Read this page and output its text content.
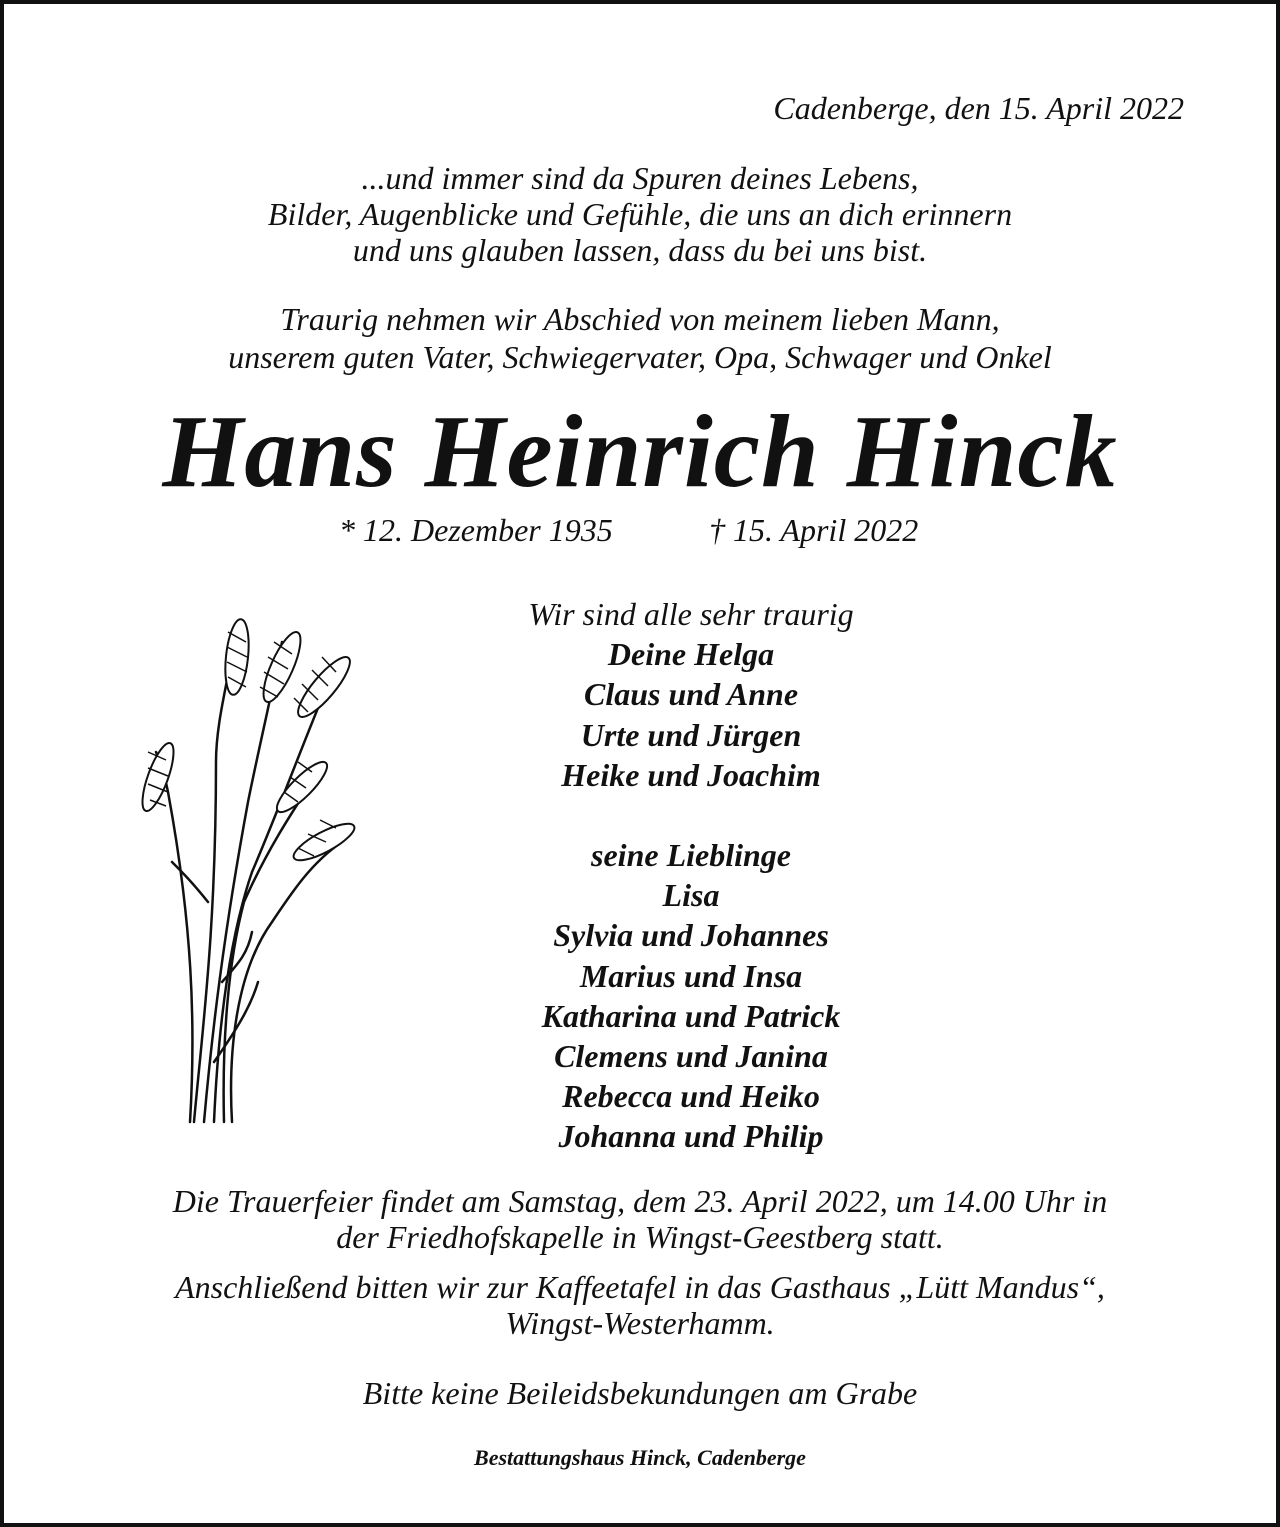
Cadenberge, den 15. April 2022
...und immer sind da Spuren deines Lebens,
Bilder, Augenblicke und Gefühle, die uns an dich erinnern
und uns glauben lassen, dass du bei uns bist.
Traurig nehmen wir Abschied von meinem lieben Mann,
unserem guten Vater, Schwiegervater, Opa, Schwager und Onkel
Hans Heinrich Hinck
* 12. Dezember 1935	† 15. April 2022
Wir sind alle sehr traurig
Deine Helga
Claus und Anne
Urte und Jürgen
Heike und Joachim
seine Lieblinge
Lisa
Sylvia und Johannes
Marius und Insa
Katharina und Patrick
Clemens und Janina
Rebecca und Heiko
Johanna und Philip
Die Trauerfeier findet am Samstag, dem 23. April 2022, um 14.00 Uhr in
der Friedhofskapelle in Wingst-Geestberg statt.
Anschließend bitten wir zur Kaffeetafel in das Gasthaus „Lütt Mandus“,
Wingst-Westerhamm.
Bitte keine Beileidsbekundungen am Grabe
Bestattungshaus Hinck, Cadenberge
